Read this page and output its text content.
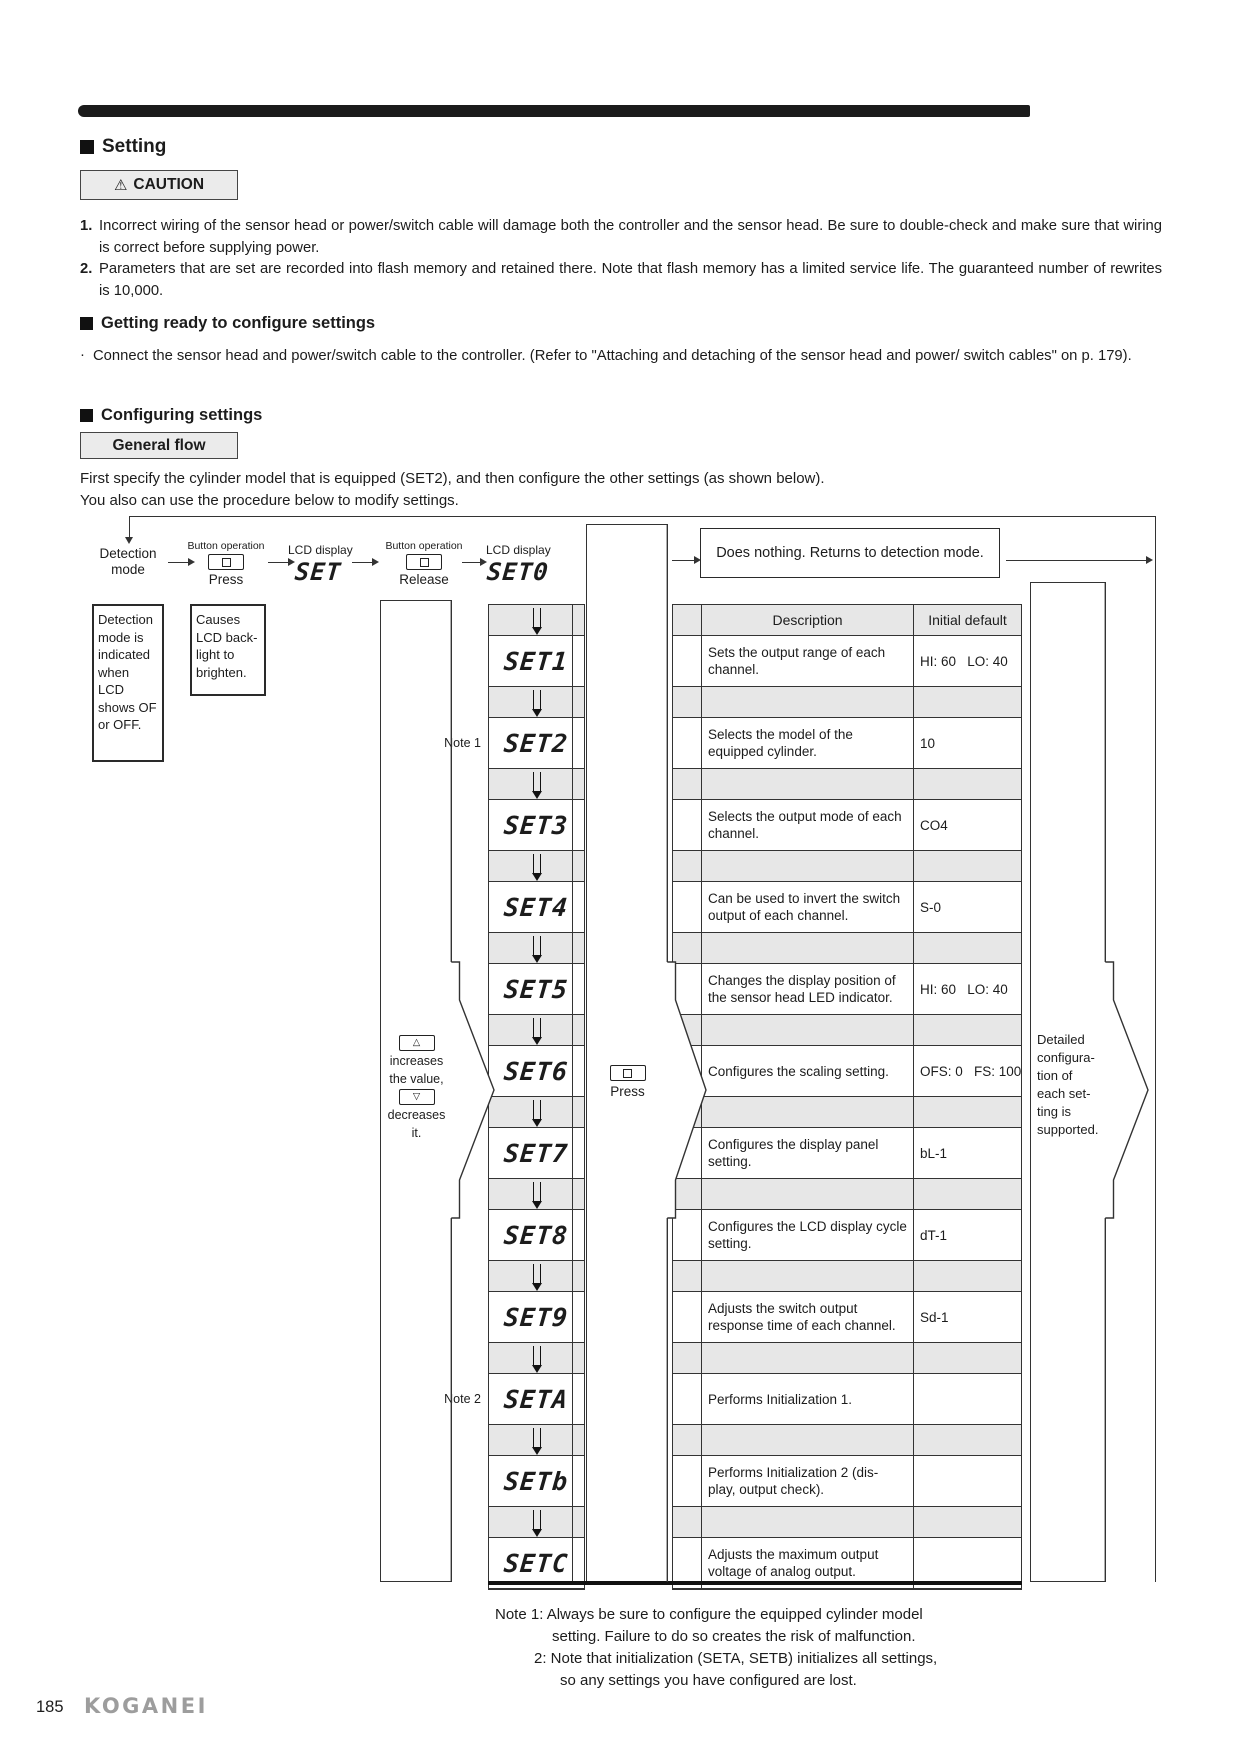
Setting
⚠ CAUTION
1. Incorrect wiring of the sensor head or power/switch cable will damage both the controller and the sensor head. Be sure to double-check and make sure that wiring is correct before supplying power.
2. Parameters that are set are recorded into flash memory and retained there. Note that flash memory has a limited service life. The guaranteed number of rewrites is 10,000.
Getting ready to configure settings
· Connect the sensor head and power/switch cable to the controller. (Refer to "Attaching and detaching of the sensor head and power/ switch cables" on p. 179).
Configuring settings
General flow
First specify the cylinder model that is equipped (SET2), and then configure the other settings (as shown below).
You also can use the procedure below to modify settings.
Detection
mode
Button operation
Press
LCD display
SET
Button operation
Release
LCD display
SET0
Does nothing. Returns to detection mode.
Detection mode is indicated when LCD shows OF or OFF.
Causes LCD back- light to brighten.
△
increases
the value,
▽
decreases
it.
Press
Detailed configura- tion of each set- ting is supported.
SET1
Note 1 SET2
SET3
SET4
SET5
SET6
SET7
SET8
SET9
Note 2 SETA
SETb
SETC
Description	Initial default
Sets the output range of each channel.
HI: 60   LO: 40
Selects the model of the equipped cylinder.
10
Selects the output mode of each channel.
CO4
Can be used to invert the switch output of each channel.
S-0
Changes the display position of the sensor head LED indicator.
HI: 60   LO: 40
Configures the scaling setting.	OFS: 0   FS: 100
Configures the display panel setting.
bL-1
Configures the LCD display cycle setting.
dT-1
Adjusts the switch output response time of each channel.
Sd-1
Performs Initialization 1.
Performs Initialization 2 (dis- play, output check).
Adjusts the maximum output voltage of analog output.
Note 1: Always be sure to configure the equipped cylinder model
setting. Failure to do so creates the risk of malfunction.
2: Note that initialization (SETA, SETB) initializes all settings,
so any settings you have configured are lost.
185 KOGANEI
